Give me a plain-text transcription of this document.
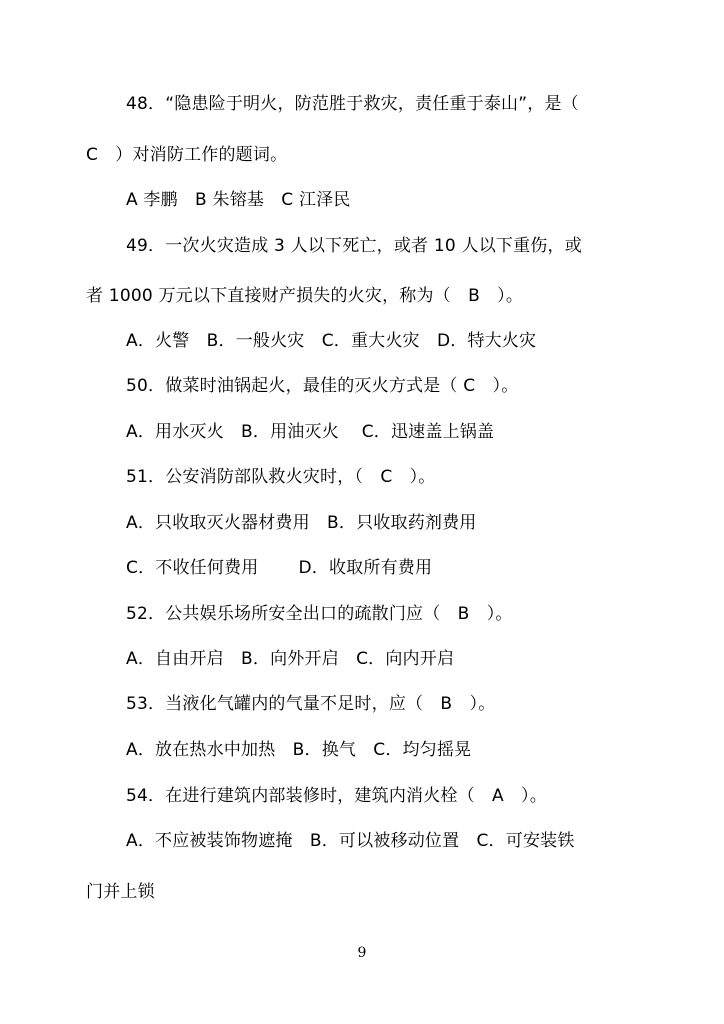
48．“隐患险于明火，防范胜于救灾，责任重于泰山”，是（
C　）对消防工作的题词。
A 李鹏　B 朱镕基　C 江泽民
49．一次火灾造成 3 人以下死亡，或者 10 人以下重伤，或
者 1000 万元以下直接财产损失的火灾，称为（　B　）。
A．火警　B．一般火灾　C．重大火灾　D．特大火灾
50．做菜时油锅起火，最佳的灭火方式是（ C　）。
A．用水灭火　B．用油灭火　 C．迅速盖上锅盖
51．公安消防部队救火灾时，（　C　）。
A．只收取灭火器材费用　B．只收取药剂费用
C．不收任何费用　　 D．收取所有费用
52．公共娱乐场所安全出口的疏散门应（　B　）。
A．自由开启　B．向外开启　C．向内开启
53．当液化气罐内的气量不足时，应（　B　）。
A．放在热水中加热　B．换气　C．均匀摇晃
54．在进行建筑内部装修时，建筑内消火栓（　A　）。
A．不应被装饰物遮掩　B．可以被移动位置　C．可安装铁
门并上锁
9
